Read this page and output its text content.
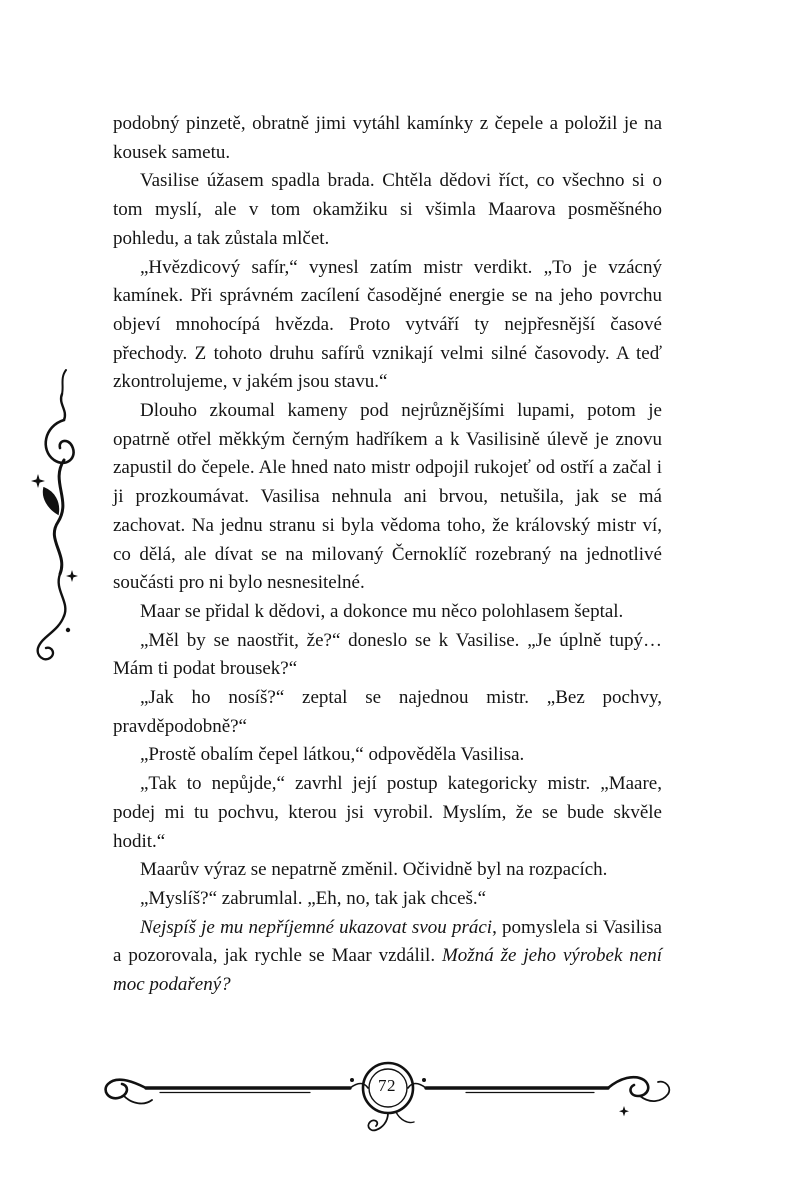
podobný pinzetě, obratně jimi vytáhl kamínky z čepele a položil je na kousek sametu.

Vasilise úžasem spadla brada. Chtěla dědovi říct, co všechno si o tom myslí, ale v tom okamžiku si všimla Maarova posměšného pohledu, a tak zůstala mlčet.

„Hvězdicový safír,“ vynesl zatím mistr verdikt. „To je vzácný kamínek. Při správném zacílení časodějné energie se na jeho povrchu objeví mnohocípá hvězda. Proto vytváří ty nejpřesnější časové přechody. Z tohoto druhu safírů vznikají velmi silné časovody. A teď zkontrolujeme, v jakém jsou stavu.“

Dlouho zkoumal kameny pod nejrůznějšími lupami, potom je opatrně otřel měkkým černým hadříkem a k Vasilisině úlevě je znovu zapustil do čepele. Ale hned nato mistr odpojil rukojeť od ostří a začal i ji prozkoumávat. Vasilisa nehnula ani brvou, netušila, jak se má zachovat. Na jednu stranu si byla vědoma toho, že královský mistr ví, co dělá, ale dívat se na milovaný Černoklíč rozebraný na jednotlivé součásti pro ni bylo nesnesitelné.

Maar se přidal k dědovi, a dokonce mu něco polohlasem šeptal.

„Měl by se naostřit, že?“ doneslo se k Vasilise. „Je úplně tupý… Mám ti podat brousek?“

„Jak ho nosíš?“ zeptal se najednou mistr. „Bez pochvy, pravděpodobně?“

„Prostě obalím čepel látkou,“ odpověděla Vasilisa.

„Tak to nepůjde,“ zavrhl její postup kategoricky mistr. „Maare, podej mi tu pochvu, kterou jsi vyrobil. Myslím, že se bude skvěle hodit.“

Maarův výraz se nepatrně změnil. Očividně byl na rozpacích.

„Myslíš?“ zabrumlal. „Eh, no, tak jak chceš.“

Nejspíš je mu nepříjemné ukazovat svou práci, pomyslela si Vasilisa a pozorovala, jak rychle se Maar vzdálil. Možná že jeho výrobek není moc podařený?

72
